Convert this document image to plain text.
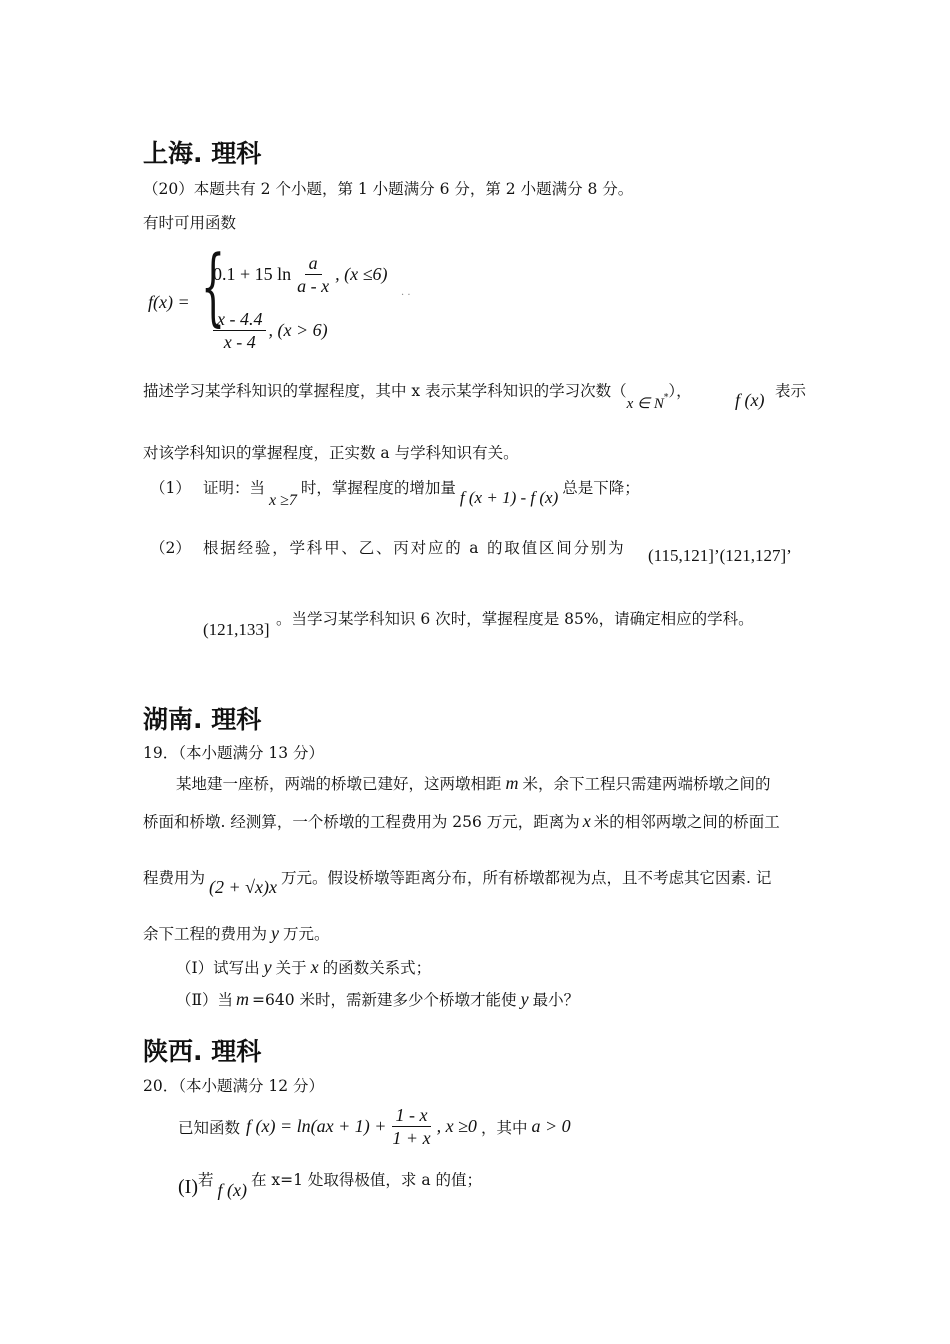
上海. 理科
（20）本题共有 2 个小题，第 1 小题满分 6 分，第 2 小题满分 8 分。
有时可用函数
f(x) = {
0.1 + 15 $\ln \frac{a}{a - x}$ , (x ≤6)
$\frac{x - 4.4}{x - 4}$ , (x > 6)
· ·
描述学习某学科知识的掌握程度，其中 x 表示某学科知识的学习次数（x ∈ N*）， f (x) 表示
对该学科知识的掌握程度，正实数 a 与学科知识有关。
（1） 证明：当x ≥7时，掌握程度的增加量 f (x + 1) - f (x) 总是下降；
（2） 根据经验，学科甲、乙、丙对应的 a 的取值区间分别为 (115,121]’(121,127]’
(121,133]
。当学习某学科知识 6 次时，掌握程度是 85%，请确定相应的学科。
湖南. 理科
19．（本小题满分 13 分）
某地建一座桥，两端的桥墩已建好，这两墩相距 m 米，余下工程只需建两端桥墩之间的
桥面和桥墩. 经测算，一个桥墩的工程费用为 256 万元，距离为 x 米的相邻两墩之间的桥面工
程费用为 (2 + √x)x 万元。假设桥墩等距离分布，所有桥墩都视为点，且不考虑其它因素. 记
余下工程的费用为 y 万元。
（Ⅰ）试写出 y 关于 x 的函数关系式；
（Ⅱ）当 m =640 米时，需新建多少个桥墩才能使 y 最小？
陕西. 理科
20．（本小题满分 12 分）
已知函数 f $(x) = \ln(ax + 1) + \frac{1 - x}{1 + x}$ , x ≥0 ，其中 a > 0
(I) 若 f (x) 在 x=1 处取得极值，求 a 的值；
